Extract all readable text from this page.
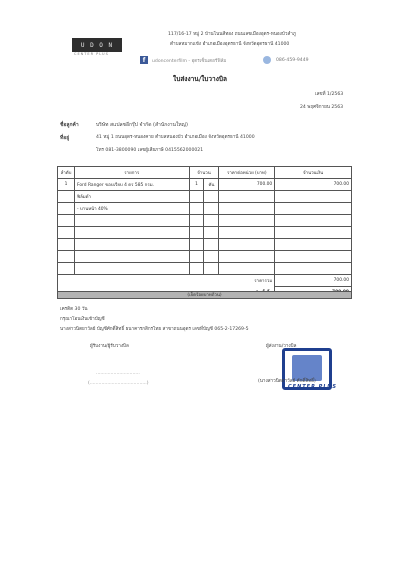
U D O N
CENTER PLUS
117/16-17 หมู่ 2 บ้านโนนสีทอง ถนนเลขเมืองอุดร-หนองบัวลำภู
ตำบลหมากแข้ง อำเภอเมืองอุดรธานี จังหวัดอุดรธานี 41000
f	udoncenterfilm - อุดรเซ็นเตอร์ฟิล์ม	086-459-9449
ใบส่งงาน/ใบวางบิล
เลขที่ 1/2563
24 พฤศจิกายน 2563
ชื่อลูกค้า	บริษัท สแปลชอีกรุ๊ป จำกัด (สำนักงานใหญ่)
ที่อยู่	41 หมู่ 1 ถนนอุดร-หนองคาย ตำบลหนองบัว อำเภอเมือง จังหวัดอุดรธานี 41000
โทร 081-3800090 เลขผู้เสียภาษี 0415562000021
ลำดับ	รายการ	จำนวน		ราคาต่อหน่วย (บาท)	จำนวนเงิน
1	Ford Ranger ขอบเรียบ 4 ดร 585 กรม.	1	คัน	700.00	700.00
	ฟิล์มดำ				
	- บานหน้า 40%				

ราคารวม					700.00

(เจ็ดร้อยบาทถ้วน)
เครดิต 30 วัน
กรุณาโอนเงินเข้าบัญชี
นางสาวนิตยาวัลย์ บัญชีศักดิ์สิทธิ์ ธนาคารกสิกรไทย สาขาถนนอุดร เลขที่บัญชี 065-2-17269-5
ผู้รับงาน/ผู้รับวางบิล
..............................
(.......................................)
ผู้ส่งงาน/วางบิล
CENTER PLUS
(นางสาวนิตยาวัลย์ ศักดิ์สิทธิ์)
